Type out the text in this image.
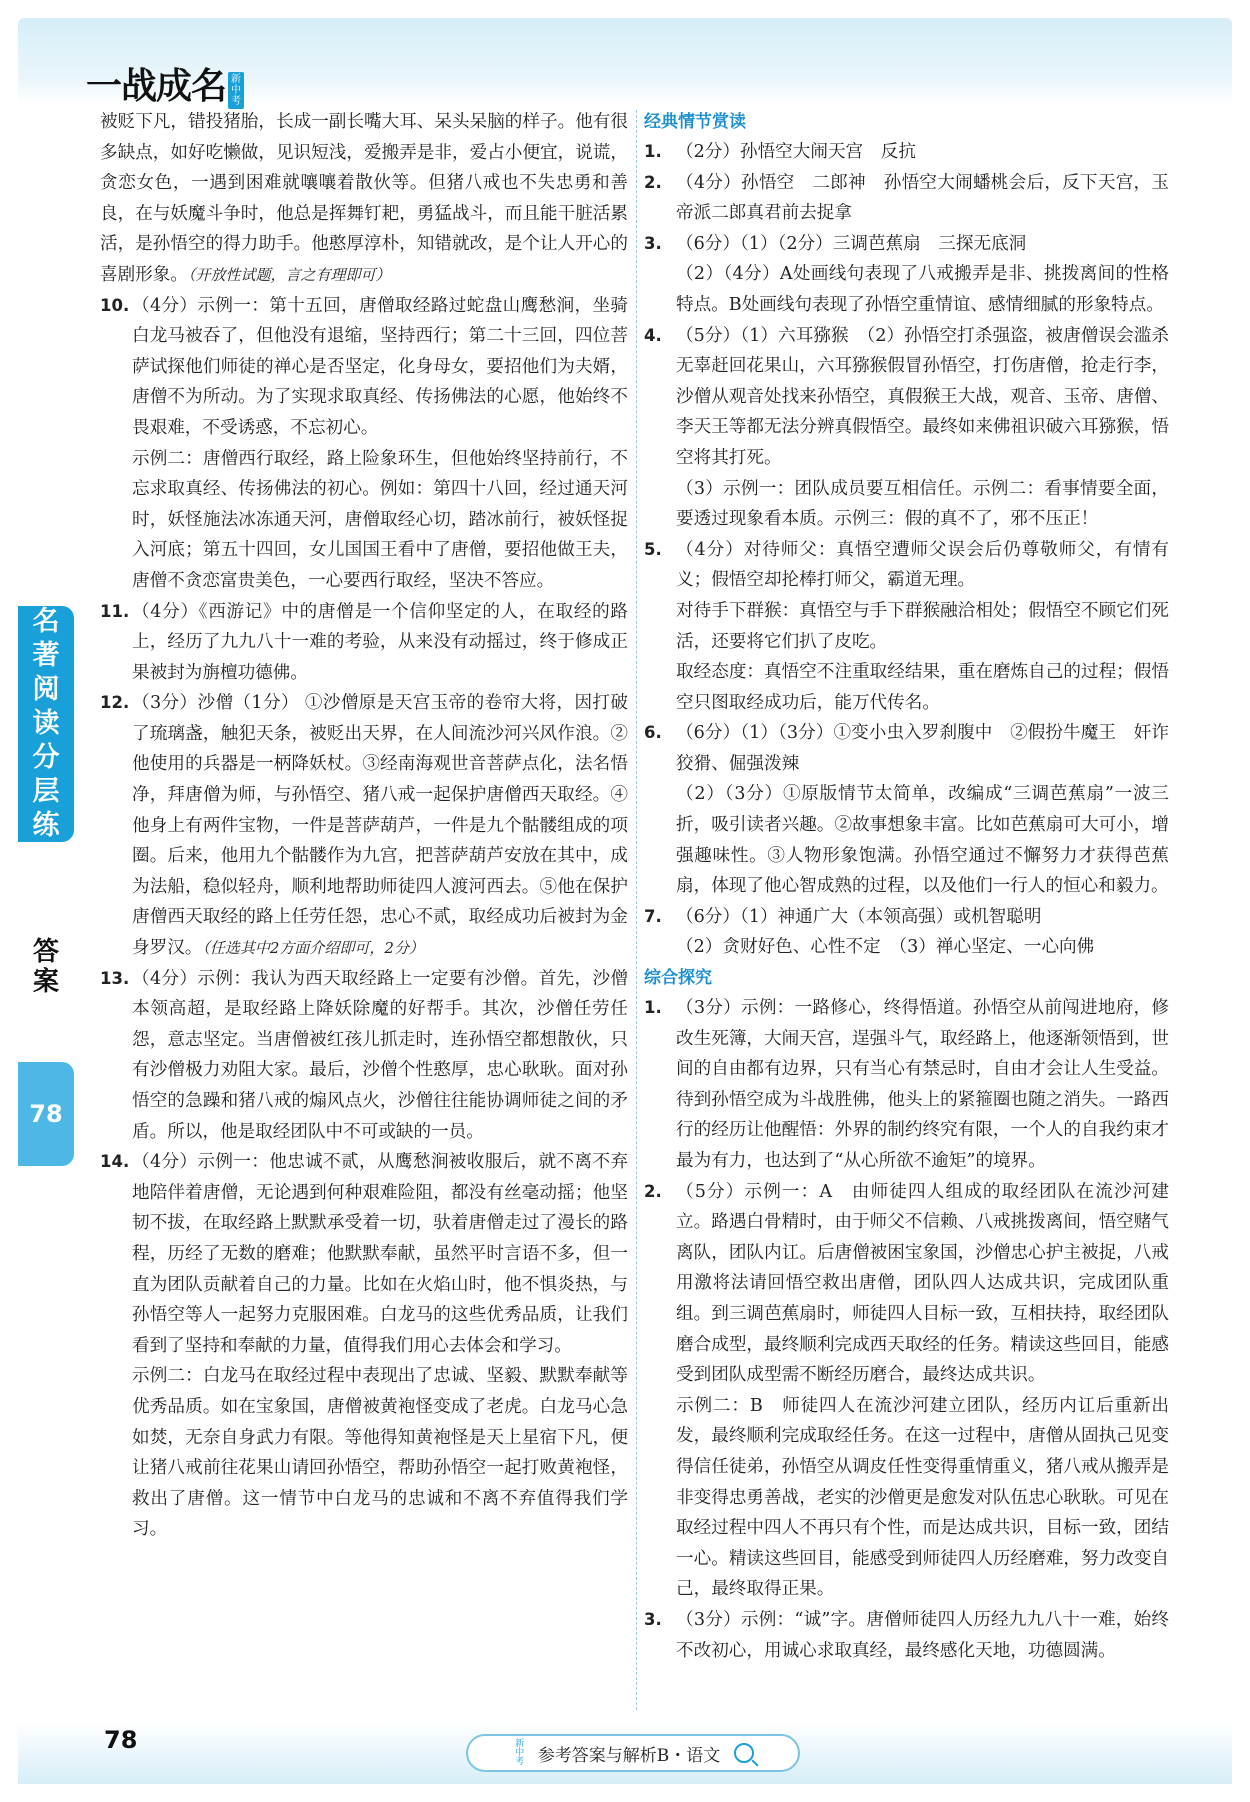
一战成名 新中考
名
著
阅
读
分
层
练
答
案
78

被贬下凡，错投猪胎，长成一副长嘴大耳、呆头呆脑的样子。他有很多缺点，如好吃懒做，见识短浅，爱搬弄是非，爱占小便宜，说谎，贪恋女色，一遇到困难就嚷嚷着散伙等。但猪八戒也不失忠勇和善良，在与妖魔斗争时，他总是挥舞钉耙，勇猛战斗，而且能干脏活累活，是孙悟空的得力助手。他憨厚淳朴，知错就改，是个让人开心的喜剧形象。（开放性试题，言之有理即可）

10. （4分）示例一：第十五回，唐僧取经路过蛇盘山鹰愁涧，坐骑白龙马被吞了，但他没有退缩，坚持西行；第二十三回，四位菩萨试探他们师徒的禅心是否坚定，化身母女，要招他们为夫婿，唐僧不为所动。为了实现求取真经、传扬佛法的心愿，他始终不畏艰难，不受诱惑，不忘初心。

示例二：唐僧西行取经，路上险象环生，但他始终坚持前行，不忘求取真经、传扬佛法的初心。例如：第四十八回，经过通天河时，妖怪施法冰冻通天河，唐僧取经心切，踏冰前行，被妖怪捉入河底；第五十四回，女儿国国王看中了唐僧，要招他做王夫，唐僧不贪恋富贵美色，一心要西行取经，坚决不答应。

11. （4分）《西游记》中的唐僧是一个信仰坚定的人，在取经的路上，经历了九九八十一难的考验，从来没有动摇过，终于修成正果被封为旃檀功德佛。

12. （3分）沙僧（1分） ①沙僧原是天宫玉帝的卷帘大将，因打破了琉璃盏，触犯天条，被贬出天界，在人间流沙河兴风作浪。②他使用的兵器是一柄降妖杖。③经南海观世音菩萨点化，法名悟净，拜唐僧为师，与孙悟空、猪八戒一起保护唐僧西天取经。④他身上有两件宝物，一件是菩萨葫芦，一件是九个骷髅组成的项圈。后来，他用九个骷髅作为九宫，把菩萨葫芦安放在其中，成为法船，稳似轻舟，顺利地帮助师徒四人渡河西去。⑤他在保护唐僧西天取经的路上任劳任怨，忠心不贰，取经成功后被封为金身罗汉。（任选其中2方面介绍即可，2分）

13. （4分）示例：我认为西天取经路上一定要有沙僧。首先，沙僧本领高超，是取经路上降妖除魔的好帮手。其次，沙僧任劳任怨，意志坚定。当唐僧被红孩儿抓走时，连孙悟空都想散伙，只有沙僧极力劝阻大家。最后，沙僧个性憨厚，忠心耿耿。面对孙悟空的急躁和猪八戒的煽风点火，沙僧往往能协调师徒之间的矛盾。所以，他是取经团队中不可或缺的一员。

14. （4分）示例一：他忠诚不贰，从鹰愁涧被收服后，就不离不弃地陪伴着唐僧，无论遇到何种艰难险阻，都没有丝毫动摇；他坚韧不拔，在取经路上默默承受着一切，驮着唐僧走过了漫长的路程，历经了无数的磨难；他默默奉献，虽然平时言语不多，但一直为团队贡献着自己的力量。比如在火焰山时，他不惧炎热，与孙悟空等人一起努力克服困难。白龙马的这些优秀品质，让我们看到了坚持和奉献的力量，值得我们用心去体会和学习。

示例二：白龙马在取经过程中表现出了忠诚、坚毅、默默奉献等优秀品质。如在宝象国，唐僧被黄袍怪变成了老虎。白龙马心急如焚，无奈自身武力有限。等他得知黄袍怪是天上星宿下凡，便让猪八戒前往花果山请回孙悟空，帮助孙悟空一起打败黄袍怪，救出了唐僧。这一情节中白龙马的忠诚和不离不弃值得我们学习。

经典情节赏读

1. （2分）孙悟空大闹天宫　反抗

2. （4分）孙悟空　二郎神　孙悟空大闹蟠桃会后，反下天宫，玉帝派二郎真君前去捉拿

3. （6分）（1）（2分）三调芭蕉扇　三探无底洞

（2）（4分）A处画线句表现了八戒搬弄是非、挑拨离间的性格特点。B处画线句表现了孙悟空重情谊、感情细腻的形象特点。

4. （5分）（1）六耳猕猴　（2）孙悟空打杀强盗，被唐僧误会滥杀无辜赶回花果山，六耳猕猴假冒孙悟空，打伤唐僧，抢走行李，沙僧从观音处找来孙悟空，真假猴王大战，观音、玉帝、唐僧、李天王等都无法分辨真假悟空。最终如来佛祖识破六耳猕猴，悟空将其打死。

（3）示例一：团队成员要互相信任。示例二：看事情要全面，要透过现象看本质。示例三：假的真不了，邪不压正！

5. （4分）对待师父：真悟空遭师父误会后仍尊敬师父，有情有义；假悟空却抡棒打师父，霸道无理。

对待手下群猴：真悟空与手下群猴融洽相处；假悟空不顾它们死活，还要将它们扒了皮吃。

取经态度：真悟空不注重取经结果，重在磨炼自己的过程；假悟空只图取经成功后，能万代传名。

6. （6分）（1）（3分）①变小虫入罗刹腹中　②假扮牛魔王　奸诈狡猾、倔强泼辣

（2）（3分）①原版情节太简单，改编成“三调芭蕉扇”一波三折，吸引读者兴趣。②故事想象丰富。比如芭蕉扇可大可小，增强趣味性。③人物形象饱满。孙悟空通过不懈努力才获得芭蕉扇，体现了他心智成熟的过程，以及他们一行人的恒心和毅力。

7. （6分）（1）神通广大（本领高强）或机智聪明

（2）贪财好色、心性不定　（3）禅心坚定、一心向佛

综合探究

1. （3分）示例：一路修心，终得悟道。孙悟空从前闯进地府，修改生死簿，大闹天宫，逞强斗气，取经路上，他逐渐领悟到，世间的自由都有边界，只有当心有禁忌时，自由才会让人生受益。待到孙悟空成为斗战胜佛，他头上的紧箍圈也随之消失。一路西行的经历让他醒悟：外界的制约终究有限，一个人的自我约束才最为有力，也达到了“从心所欲不逾矩”的境界。

2. （5分）示例一：A　由师徒四人组成的取经团队在流沙河建立。路遇白骨精时，由于师父不信赖、八戒挑拨离间，悟空赌气离队，团队内讧。后唐僧被困宝象国，沙僧忠心护主被捉，八戒用激将法请回悟空救出唐僧，团队四人达成共识，完成团队重组。到三调芭蕉扇时，师徒四人目标一致，互相扶持，取经团队磨合成型，最终顺利完成西天取经的任务。精读这些回目，能感受到团队成型需不断经历磨合，最终达成共识。

示例二：B　师徒四人在流沙河建立团队，经历内讧后重新出发，最终顺利完成取经任务。在这一过程中，唐僧从固执己见变得信任徒弟，孙悟空从调皮任性变得重情重义，猪八戒从搬弄是非变得忠勇善战，老实的沙僧更是愈发对队伍忠心耿耿。可见在取经过程中四人不再只有个性，而是达成共识，目标一致，团结一心。精读这些回目，能感受到师徒四人历经磨难，努力改变自己，最终取得正果。

3. （3分）示例：“诚”字。唐僧师徒四人历经九九八十一难，始终不改初心，用诚心求取真经，最终感化天地，功德圆满。

78	新中考 参考答案与解析B・语文
